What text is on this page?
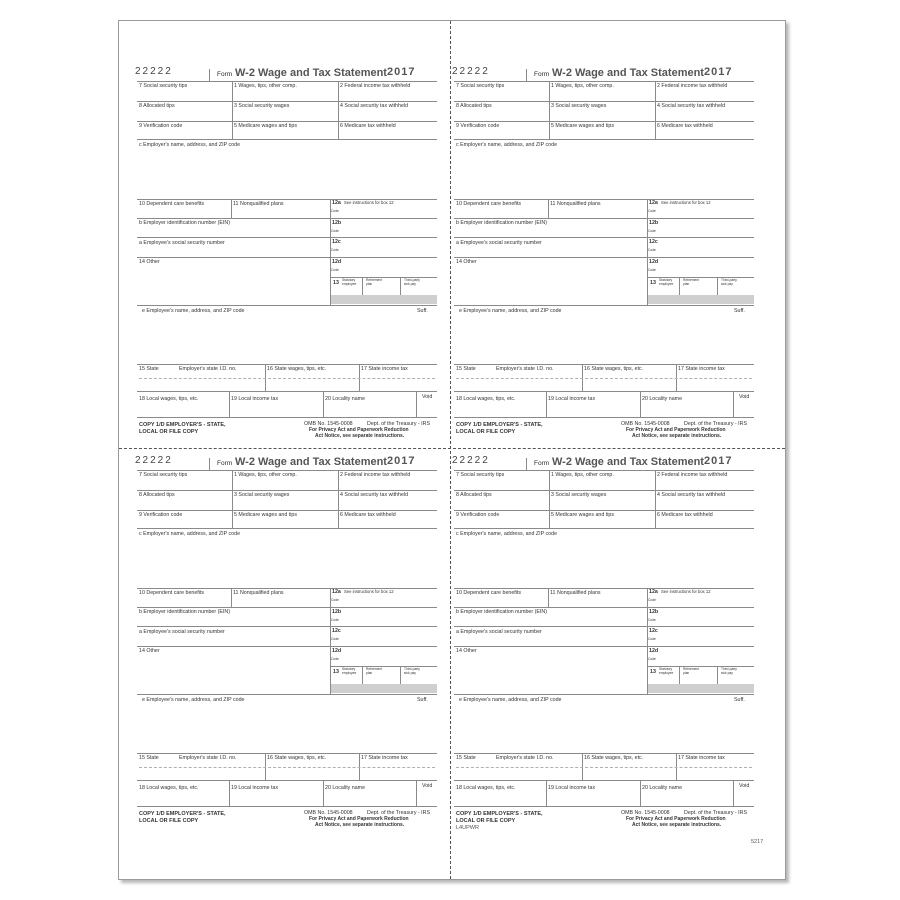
22222	Form W-2 Wage and Tax Statement 2017
7 Social security tips	1 Wages, tips, other comp.	2 Federal income tax withheld
8 Allocated tips	3 Social security wages	4 Social security tax withheld
9 Verification code	5 Medicare wages and tips	6 Medicare tax withheld
c Employer's name, address, and ZIP code
10 Dependent care benefits	11 Nonqualified plans	12a See instructions for box 12
Code
b Employer identification number (EIN)	12b
Code
a Employee's social security number	12c
Code
14 Other	12d
Code
13 Statutory employee
Retirement plan
Third-party sick pay
e Employee's name, address, and ZIP code	Suff.
15 State	Employer's state I.D. no.	16 State wages, tips, etc.	17 State income tax
18 Local wages, tips, etc.	19 Local income tax	20 Locality name	Void
COPY 1/D EMPLOYER'S - STATE,
LOCAL OR FILE COPY
OMB No. 1545-0008	Dept. of the Treasury - IRS
For Privacy Act and Paperwork Reduction
Act Notice, see separate instructions.
22222	Form W-2 Wage and Tax Statement 2017
7 Social security tips	1 Wages, tips, other comp.	2 Federal income tax withheld
8 Allocated tips	3 Social security wages	4 Social security tax withheld
9 Verification code	5 Medicare wages and tips	6 Medicare tax withheld
c Employer's name, address, and ZIP code
10 Dependent care benefits	11 Nonqualified plans	12a See instructions for box 12
Code
b Employer identification number (EIN)	12b
Code
a Employee's social security number	12c
Code
14 Other	12d
Code
13 Statutory employee
Retirement plan
Third-party sick pay
e Employee's name, address, and ZIP code	Suff.
15 State	Employer's state I.D. no.	16 State wages, tips, etc.	17 State income tax
18 Local wages, tips, etc.	19 Local income tax	20 Locality name	Void
COPY 1/D EMPLOYER'S - STATE,
LOCAL OR FILE COPY
OMB No. 1545-0008	Dept. of the Treasury - IRS
For Privacy Act and Paperwork Reduction
Act Notice, see separate instructions.
22222	Form W-2 Wage and Tax Statement 2017
7 Social security tips	1 Wages, tips, other comp.	2 Federal income tax withheld
8 Allocated tips	3 Social security wages	4 Social security tax withheld
9 Verification code	5 Medicare wages and tips	6 Medicare tax withheld
c Employer's name, address, and ZIP code
10 Dependent care benefits	11 Nonqualified plans	12a See instructions for box 12
Code
b Employer identification number (EIN)	12b
Code
a Employee's social security number	12c
Code
14 Other	12d
Code
13 Statutory employee
Retirement plan
Third-party sick pay
e Employee's name, address, and ZIP code	Suff.
15 State	Employer's state I.D. no.	16 State wages, tips, etc.	17 State income tax
18 Local wages, tips, etc.	19 Local income tax	20 Locality name	Void
COPY 1/D EMPLOYER'S - STATE,
LOCAL OR FILE COPY
OMB No. 1545-0008	Dept. of the Treasury - IRS
For Privacy Act and Paperwork Reduction
Act Notice, see separate instructions.
22222	Form W-2 Wage and Tax Statement 2017
7 Social security tips	1 Wages, tips, other comp.	2 Federal income tax withheld
8 Allocated tips	3 Social security wages	4 Social security tax withheld
9 Verification code	5 Medicare wages and tips	6 Medicare tax withheld
c Employer's name, address, and ZIP code
10 Dependent care benefits	11 Nonqualified plans	12a See instructions for box 12
Code
b Employer identification number (EIN)	12b
Code
a Employee's social security number	12c
Code
14 Other	12d
Code
13 Statutory employee
Retirement plan
Third-party sick pay
e Employee's name, address, and ZIP code	Suff.
15 State	Employer's state I.D. no.	16 State wages, tips, etc.	17 State income tax
18 Local wages, tips, etc.	19 Local income tax	20 Locality name	Void
COPY 1/D EMPLOYER'S - STATE,
LOCAL OR FILE COPY
OMB No. 1545-0008	Dept. of the Treasury - IRS
For Privacy Act and Paperwork Reduction
Act Notice, see separate instructions.
L4UPWR
5217
